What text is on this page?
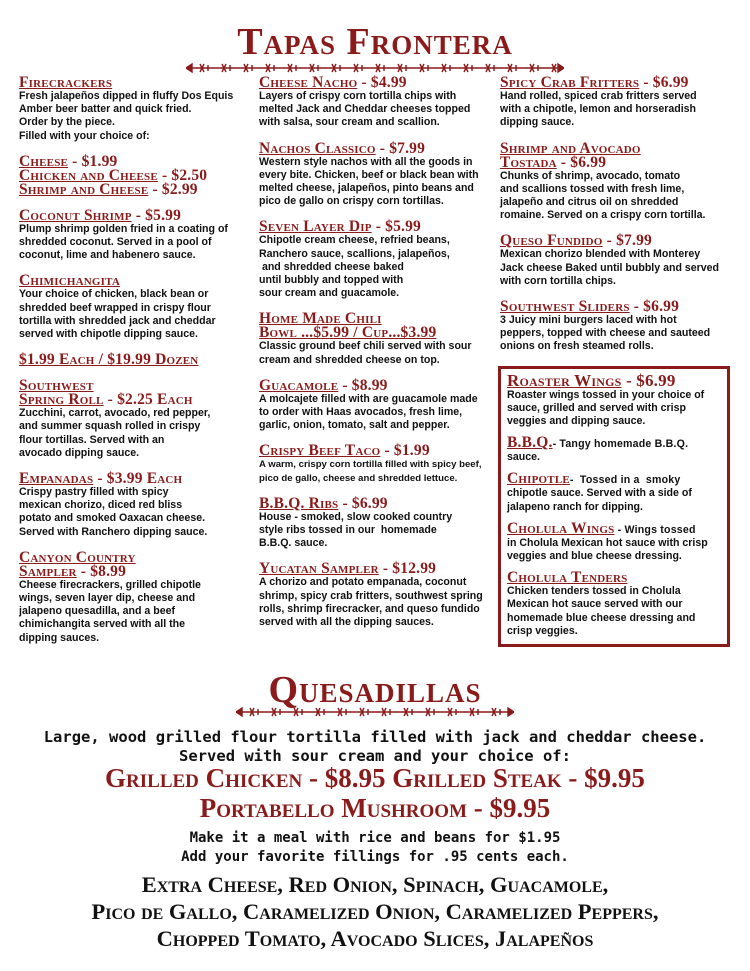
Tapas Frontera
Firecrackers
Fresh jalapeños dipped in fluffy Dos Equis
Amber beer batter and quick fried.
Order by the piece.
Filled with your choice of:
Cheese - $1.99
Chicken and Cheese - $2.50
Shrimp and Cheese - $2.99
Coconut Shrimp - $5.99
Plump shrimp golden fried in a coating of
shredded coconut. Served in a pool of
coconut, lime and habenero sauce.
Chimichangita
Your choice of chicken, black bean or
shredded beef wrapped in crispy flour
tortilla with shredded jack and cheddar
served with chipotle dipping sauce.
$1.99 Each / $19.99 Dozen
Southwest
Spring Roll - $2.25 Each
Zucchini, carrot, avocado, red pepper,
and summer squash rolled in crispy
flour tortillas. Served with an
avocado dipping sauce.
Empanadas - $3.99 Each
Crispy pastry filled with spicy
mexican chorizo, diced red bliss
potato and smoked Oaxacan cheese.
Served with Ranchero dipping sauce.
Canyon Country
Sampler - $8.99
Cheese firecrackers, grilled chipotle
wings, seven layer dip, cheese and
jalapeno quesadilla, and a beef
chimichangita served with all the
dipping sauces.
Cheese Nacho - $4.99
Layers of crispy corn tortilla chips with
melted Jack and Cheddar cheeses topped
with salsa, sour cream and scallion.
Nachos Classico - $7.99
Western style nachos with all the goods in
every bite. Chicken, beef or black bean with
melted cheese, jalapeños, pinto beans and
pico de gallo on crispy corn tortillas.
Seven Layer Dip - $5.99
Chipotle cream cheese, refried beans,
Ranchero sauce, scallions, jalapeños,
and shredded cheese baked
until bubbly and topped with
sour cream and guacamole.
Home Made Chili
Bowl ...$5.99 / Cup...$3.99
Classic ground beef chili served with sour
cream and shredded cheese on top.
Guacamole - $8.99
A molcajete filled with are guacamole made
to order with Haas avocados, fresh lime,
garlic, onion, tomato, salt and pepper.
Crispy Beef Taco - $1.99
A warm, crispy corn tortilla filled with spicy beef,
pico de gallo, cheese and shredded lettuce.
B.B.Q. Ribs - $6.99
House - smoked, slow cooked country
style ribs tossed in our  homemade
B.B.Q. sauce.
Yucatan Sampler - $12.99
A chorizo and potato empanada, coconut
shrimp, spicy crab fritters, southwest spring
rolls, shrimp firecracker, and queso fundido
served with all the dipping sauces.
Spicy Crab Fritters - $6.99
Hand rolled, spiced crab fritters served
with a chipotle, lemon and horseradish
dipping sauce.
Shrimp and Avocado
Tostada - $6.99
Chunks of shrimp, avocado, tomato
and scallions tossed with fresh lime,
jalapeño and citrus oil on shredded
romaine. Served on a crispy corn tortilla.
Queso Fundido - $7.99
Mexican chorizo blended with Monterey
Jack cheese Baked until bubbly and served
with corn tortilla chips.
Southwest Sliders - $6.99
3 Juicy mini burgers laced with hot
peppers, topped with cheese and sauteed
onions on fresh steamed rolls.
Roaster Wings - $6.99
Roaster wings tossed in your choice of
sauce, grilled and served with crisp
veggies and dipping sauce.
B.B.Q.- Tangy homemade B.B.Q.
sauce.
Chipotle-  Tossed in a  smoky
chipotle sauce. Served with a side of
jalapeno ranch for dipping.
Cholula Wings - Wings tossed
in Cholula Mexican hot sauce with crisp
veggies and blue cheese dressing.
Cholula Tenders
Chicken tenders tossed in Cholula
Mexican hot sauce served with our
homemade blue cheese dressing and
crisp veggies.
Quesadillas
Large, wood grilled flour tortilla filled with jack and cheddar cheese.
Served with sour cream and your choice of:
Grilled Chicken - $8.95 Grilled Steak - $9.95
Portabello Mushroom - $9.95
Make it a meal with rice and beans for $1.95
Add your favorite fillings for .95 cents each.
Extra Cheese, Red Onion, Spinach, Guacamole,
Pico de Gallo, Caramelized Onion, Caramelized Peppers,
Chopped Tomato, Avocado Slices, Jalapeños
